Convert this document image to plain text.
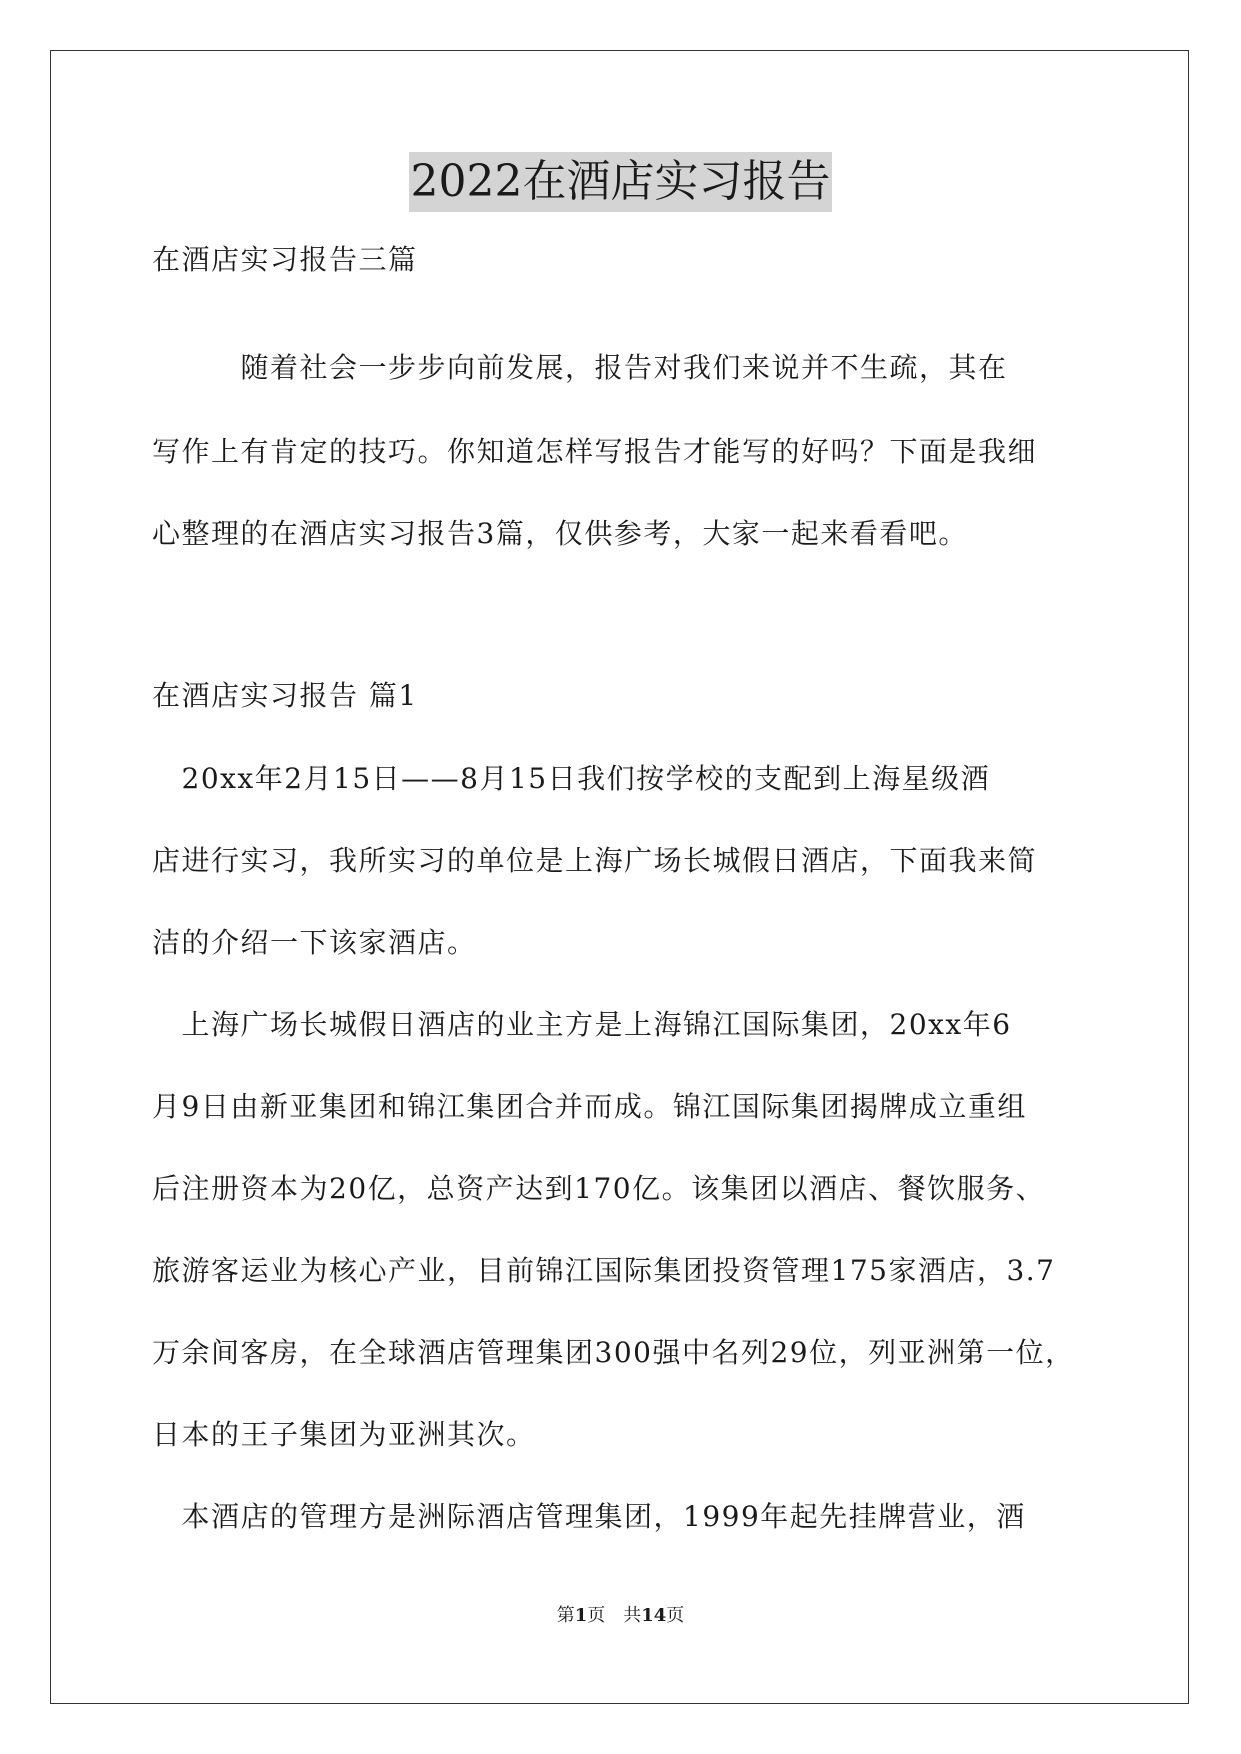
2022在酒店实习报告
在酒店实习报告三篇
　　　随着社会一步步向前发展，报告对我们来说并不生疏，其在
写作上有肯定的技巧。你知道怎样写报告才能写的好吗？下面是我细
心整理的在酒店实习报告3篇，仅供参考，大家一起来看看吧。
在酒店实习报告 篇1
　20xx年2月15日——8月15日我们按学校的支配到上海星级酒
店进行实习，我所实习的单位是上海广场长城假日酒店，下面我来简
洁的介绍一下该家酒店。
　上海广场长城假日酒店的业主方是上海锦江国际集团，20xx年6
月9日由新亚集团和锦江集团合并而成。锦江国际集团揭牌成立重组
后注册资本为20亿，总资产达到170亿。该集团以酒店、餐饮服务、
旅游客运业为核心产业，目前锦江国际集团投资管理175家酒店，3.7
万余间客房，在全球酒店管理集团300强中名列29位，列亚洲第一位，
日本的王子集团为亚洲其次。
　本酒店的管理方是洲际酒店管理集团，1999年起先挂牌营业，酒
第1页　共14页
